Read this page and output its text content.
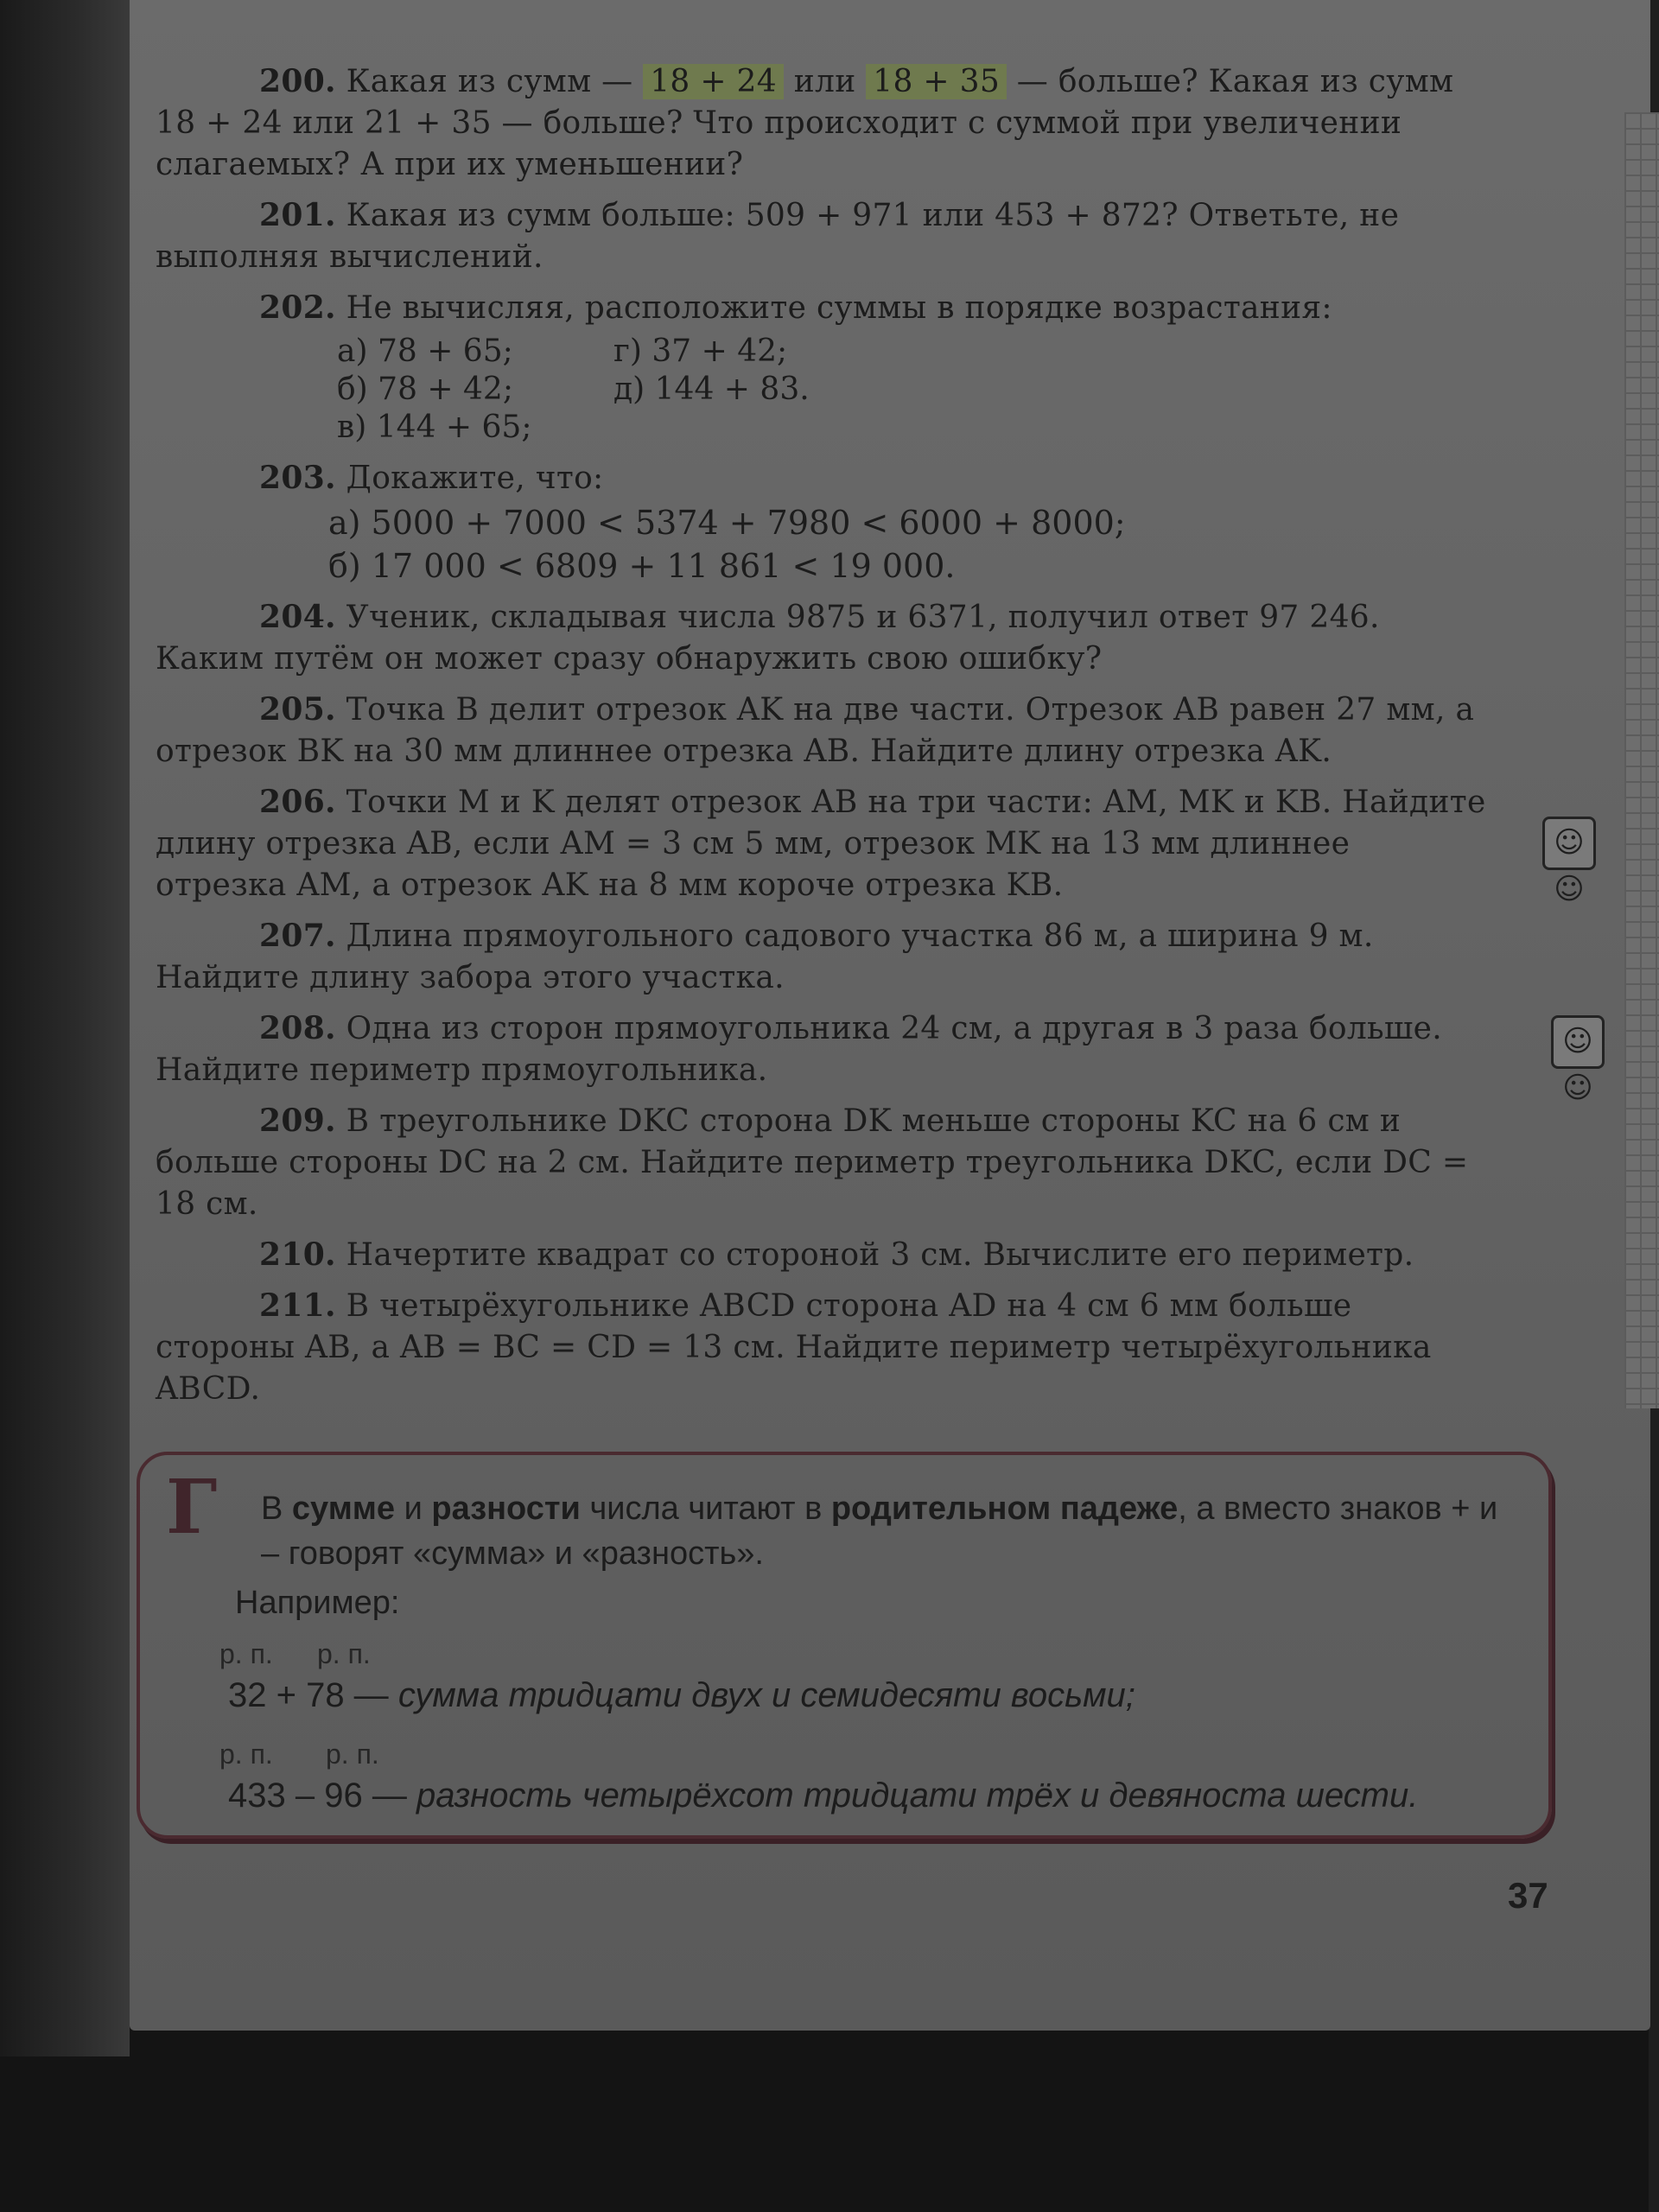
☺☺
☺☺

200. Какая из сумм — 18 + 24 или 18 + 35 — больше? Какая из сумм 18 + 24 или 21 + 35 — больше? Что происходит с суммой при увеличении слагаемых? А при их уменьшении?

201. Какая из сумм больше: 509 + 971 или 453 + 872? Ответьте, не выполняя вычислений.

202. Не вычисляя, расположите суммы в порядке возрастания:

а) 78 + 65;	г) 37 + 42;
б) 78 + 42;	д) 144 + 83.
в) 144 + 65;

203. Докажите, что:

а) 5000 + 7000 < 5374 + 7980 < 6000 + 8000;
б) 17 000 < 6809 + 11 861 < 19 000.

204. Ученик, складывая числа 9875 и 6371, получил ответ 97 246. Каким путём он может сразу обнаружить свою ошибку?

205. Точка B делит отрезок AK на две части. Отрезок AB равен 27 мм, а отрезок BK на 30 мм длиннее отрезка AB. Найдите длину отрезка AK.

206. Точки M и K делят отрезок AB на три части: AM, MK и KB. Найдите длину отрезка AB, если AM = 3 см 5 мм, отрезок MK на 13 мм длиннее отрезка AM, а отрезок AK на 8 мм короче отрезка KB.

207. Длина прямоугольного садового участка 86 м, а ширина 9 м. Найдите длину забора этого участка.

208. Одна из сторон прямоугольника 24 см, а другая в 3 раза больше. Найдите периметр прямоугольника.

209. В треугольнике DKC сторона DK меньше стороны KC на 6 см и больше стороны DC на 2 см. Найдите периметр треугольника DKC, если DC = 18 см.

210. Начертите квадрат со стороной 3 см. Вычислите его периметр.

211. В четырёхугольнике ABCD сторона AD на 4 см 6 мм больше стороны AB, а AB = BC = CD = 13 см. Найдите периметр четырёхугольника ABCD.

Г	В сумме и разности числа читают в родительном падеже, а вместо знаков + и – говорят «сумма» и «разность».
Например:
р. п. р. п.
32 + 78 — сумма тридцати двух и семидесяти восьми;
р. п. р. п.
433 – 96 — разность четырёхсот тридцати трёх и девяноста шести.
37
